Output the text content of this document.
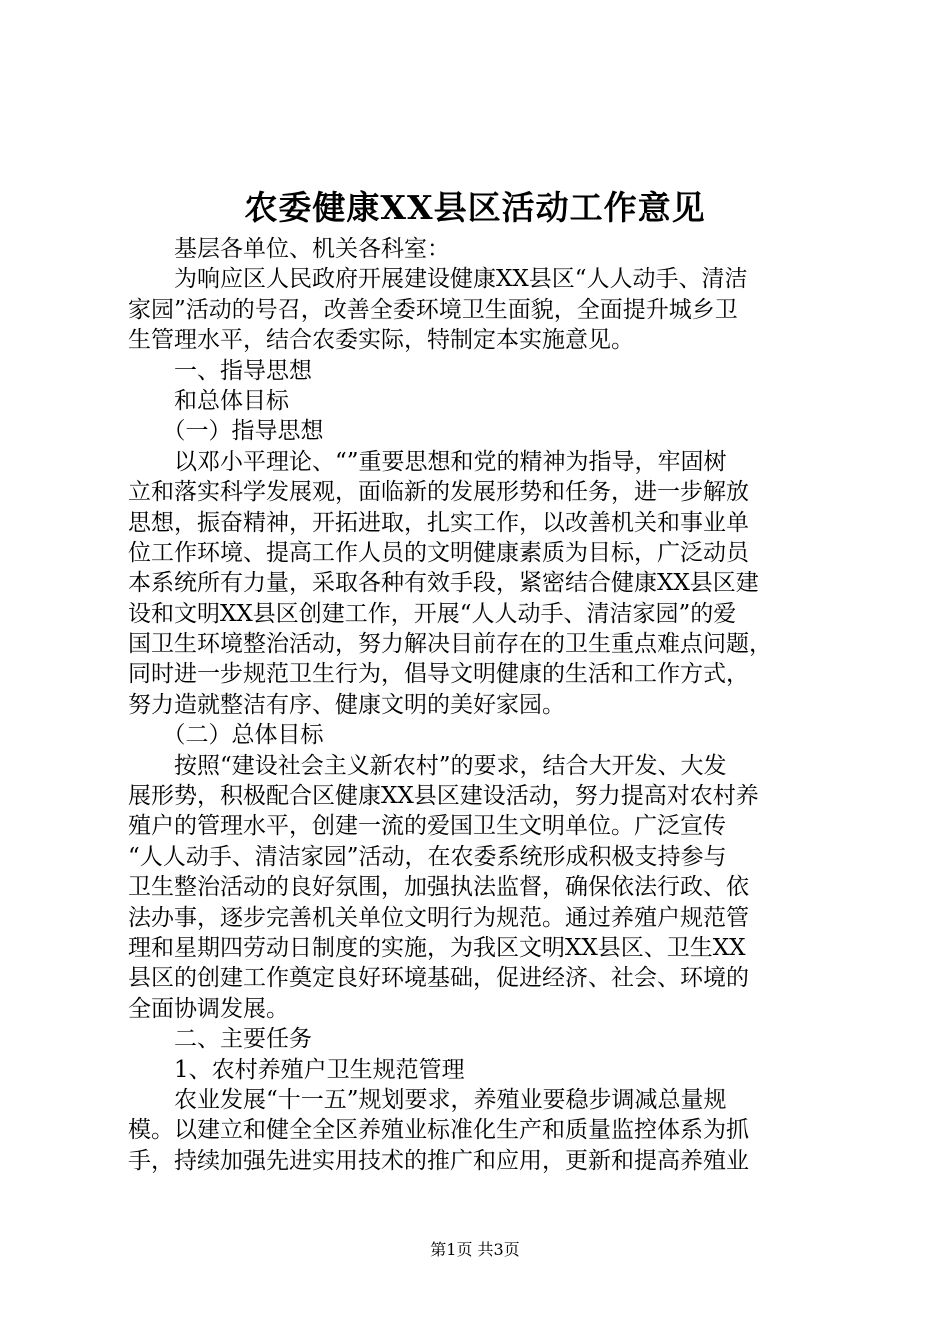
农委健康XX县区活动工作意见
　　基层各单位、机关各科室：
　　为响应区人民政府开展建设健康XX县区“人人动手、清洁
家园”活动的号召，改善全委环境卫生面貌，全面提升城乡卫
生管理水平，结合农委实际，特制定本实施意见。
　　一、指导思想
　　和总体目标
　　（一）指导思想
　　以邓小平理论、“”重要思想和党的精神为指导，牢固树
立和落实科学发展观，面临新的发展形势和任务，进一步解放
思想，振奋精神，开拓进取，扎实工作，以改善机关和事业单
位工作环境、提高工作人员的文明健康素质为目标，广泛动员
本系统所有力量，采取各种有效手段，紧密结合健康XX县区建
设和文明XX县区创建工作，开展“人人动手、清洁家园”的爱
国卫生环境整治活动，努力解决目前存在的卫生重点难点问题，
同时进一步规范卫生行为，倡导文明健康的生活和工作方式，
努力造就整洁有序、健康文明的美好家园。
　　（二）总体目标
　　按照“建设社会主义新农村”的要求，结合大开发、大发
展形势，积极配合区健康XX县区建设活动，努力提高对农村养
殖户的管理水平，创建一流的爱国卫生文明单位。广泛宣传
“人人动手、清洁家园”活动，在农委系统形成积极支持参与
卫生整治活动的良好氛围，加强执法监督，确保依法行政、依
法办事，逐步完善机关单位文明行为规范。通过养殖户规范管
理和星期四劳动日制度的实施，为我区文明XX县区、卫生XX
县区的创建工作奠定良好环境基础，促进经济、社会、环境的
全面协调发展。
　　二、主要任务
　　1、农村养殖户卫生规范管理
　　农业发展“十一五”规划要求，养殖业要稳步调减总量规
模。以建立和健全全区养殖业标准化生产和质量监控体系为抓
手，持续加强先进实用技术的推广和应用，更新和提高养殖业
第1页 共3页
